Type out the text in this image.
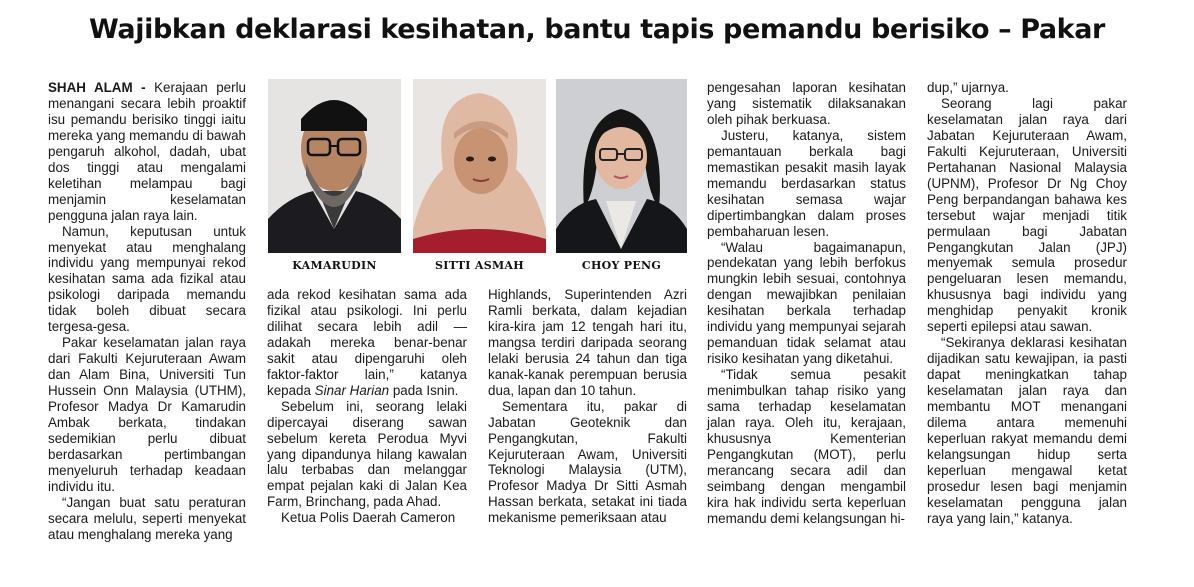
Wajibkan deklarasi kesihatan, bantu tapis pemandu berisiko – Pakar

SHAH ALAM - Kerajaan perlu menangani secara lebih proaktif isu pemandu berisiko tinggi iaitu mereka yang memandu di bawah pengaruh alkohol, dadah, ubat dos tinggi atau mengalami keletihan melampau bagi menjamin keselamatan pengguna jalan raya lain.

Namun, keputusan untuk menyekat atau menghalang individu yang mempunyai rekod kesihatan sama ada fizikal atau psikologi daripada memandu tidak boleh dibuat secara tergesa-gesa.

Pakar keselamatan jalan raya dari Fakulti Kejuruteraan Awam dan Alam Bina, Universiti Tun Hussein Onn Malaysia (UTHM), Profesor Madya Dr Kamarudin Ambak berkata, tindakan sedemikian perlu dibuat berdasarkan pertimbangan menyeluruh terhadap keadaan individu itu.

“Jangan buat satu peraturan secara melulu, seperti menyekat atau menghalang mereka yang

KAMARUDIN	SITTI ASMAH	CHOY PENG

ada rekod kesihatan sama ada fizikal atau psikologi. Ini perlu dilihat secara lebih adil — adakah mereka benar-benar sakit atau dipengaruhi oleh faktor-faktor lain,” katanya kepada Sinar Harian pada Isnin.

Sebelum ini, seorang lelaki dipercayai diserang sawan sebelum kereta Perodua Myvi yang dipandunya hilang kawalan lalu terbabas dan melanggar empat pejalan kaki di Jalan Kea Farm, Brinchang, pada Ahad.

Ketua Polis Daerah Cameron

Highlands, Superintenden Azri Ramli berkata, dalam kejadian kira-kira jam 12 tengah hari itu, mangsa terdiri daripada seorang lelaki berusia 24 tahun dan tiga kanak-kanak perempuan berusia dua, lapan dan 10 tahun.

Sementara itu, pakar di Jabatan Geoteknik dan Pengangkutan, Fakulti Kejuruteraan Awam, Universiti Teknologi Malaysia (UTM), Profesor Madya Dr Sitti Asmah Hassan berkata, setakat ini tiada mekanisme pemeriksaan atau

pengesahan laporan kesihatan yang sistematik dilaksanakan oleh pihak berkuasa.

Justeru, katanya, sistem pemantauan berkala bagi memastikan pesakit masih layak memandu berdasarkan status kesihatan semasa wajar dipertimbangkan dalam proses pembaharuan lesen.

“Walau bagaimanapun, pendekatan yang lebih berfokus mungkin lebih sesuai, contohnya dengan mewajibkan penilaian kesihatan berkala terhadap individu yang mempunyai sejarah pemanduan tidak selamat atau risiko kesihatan yang diketahui.

“Tidak semua pesakit menimbulkan tahap risiko yang sama terhadap keselamatan jalan raya. Oleh itu, kerajaan, khususnya Kementerian Pengangkutan (MOT), perlu merancang secara adil dan seimbang dengan mengambil kira hak individu serta keperluan memandu demi kelangsungan hi-

dup,” ujarnya.

Seorang lagi pakar keselamatan jalan raya dari Jabatan Kejuruteraan Awam, Fakulti Kejuruteraan, Universiti Pertahanan Nasional Malaysia (UPNM), Profesor Dr Ng Choy Peng berpandangan bahawa kes tersebut wajar menjadi titik permulaan bagi Jabatan Pengangkutan Jalan (JPJ) menyemak semula prosedur pengeluaran lesen memandu, khususnya bagi individu yang menghidap penyakit kronik seperti epilepsi atau sawan.

“Sekiranya deklarasi kesihatan dijadikan satu kewajipan, ia pasti dapat meningkatkan tahap keselamatan jalan raya dan membantu MOT menangani dilema antara memenuhi keperluan rakyat memandu demi kelangsungan hidup serta keperluan mengawal ketat prosedur lesen bagi menjamin keselamatan pengguna jalan raya yang lain,” katanya.
